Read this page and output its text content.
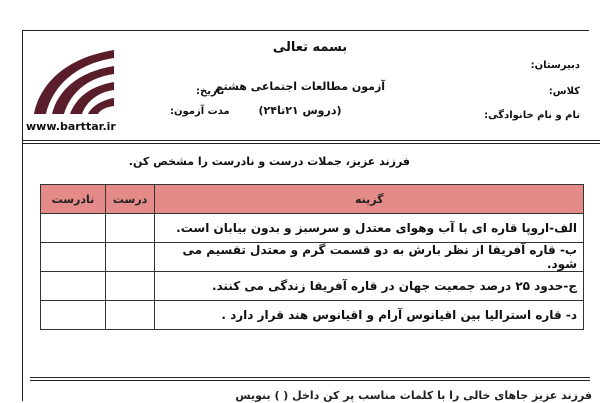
www.barttar.ir
بسمه تعالی
آزمون مطالعات اجتماعی هشتم
(دروس ۲۱تا۲۴)
دبیرستان:
کلاس:
نام و نام خانوادگی:
تاریخ:
مدت آزمون:
فرزند عزیز، جملات درست و نادرست را مشخص کن.
گزینه	درست	نادرست
الف-اروپا قاره ای با آب وهوای معتدل و سرسبز و بدون بیابان است.		
ب- قاره آفریقا از نظر بارش به دو قسمت گرم و معتدل تقسیم می شود.		
ج-حدود ۲۵ درصد جمعیت جهان در قاره آفریقا زندگی می کنند.		
د- قاره استرالیا بین اقیانوس آرام و اقیانوس هند قرار دارد .		
فرزند عزیز جاهای خالی را با کلمات مناسب پر کن داخل ( ) بنویس
